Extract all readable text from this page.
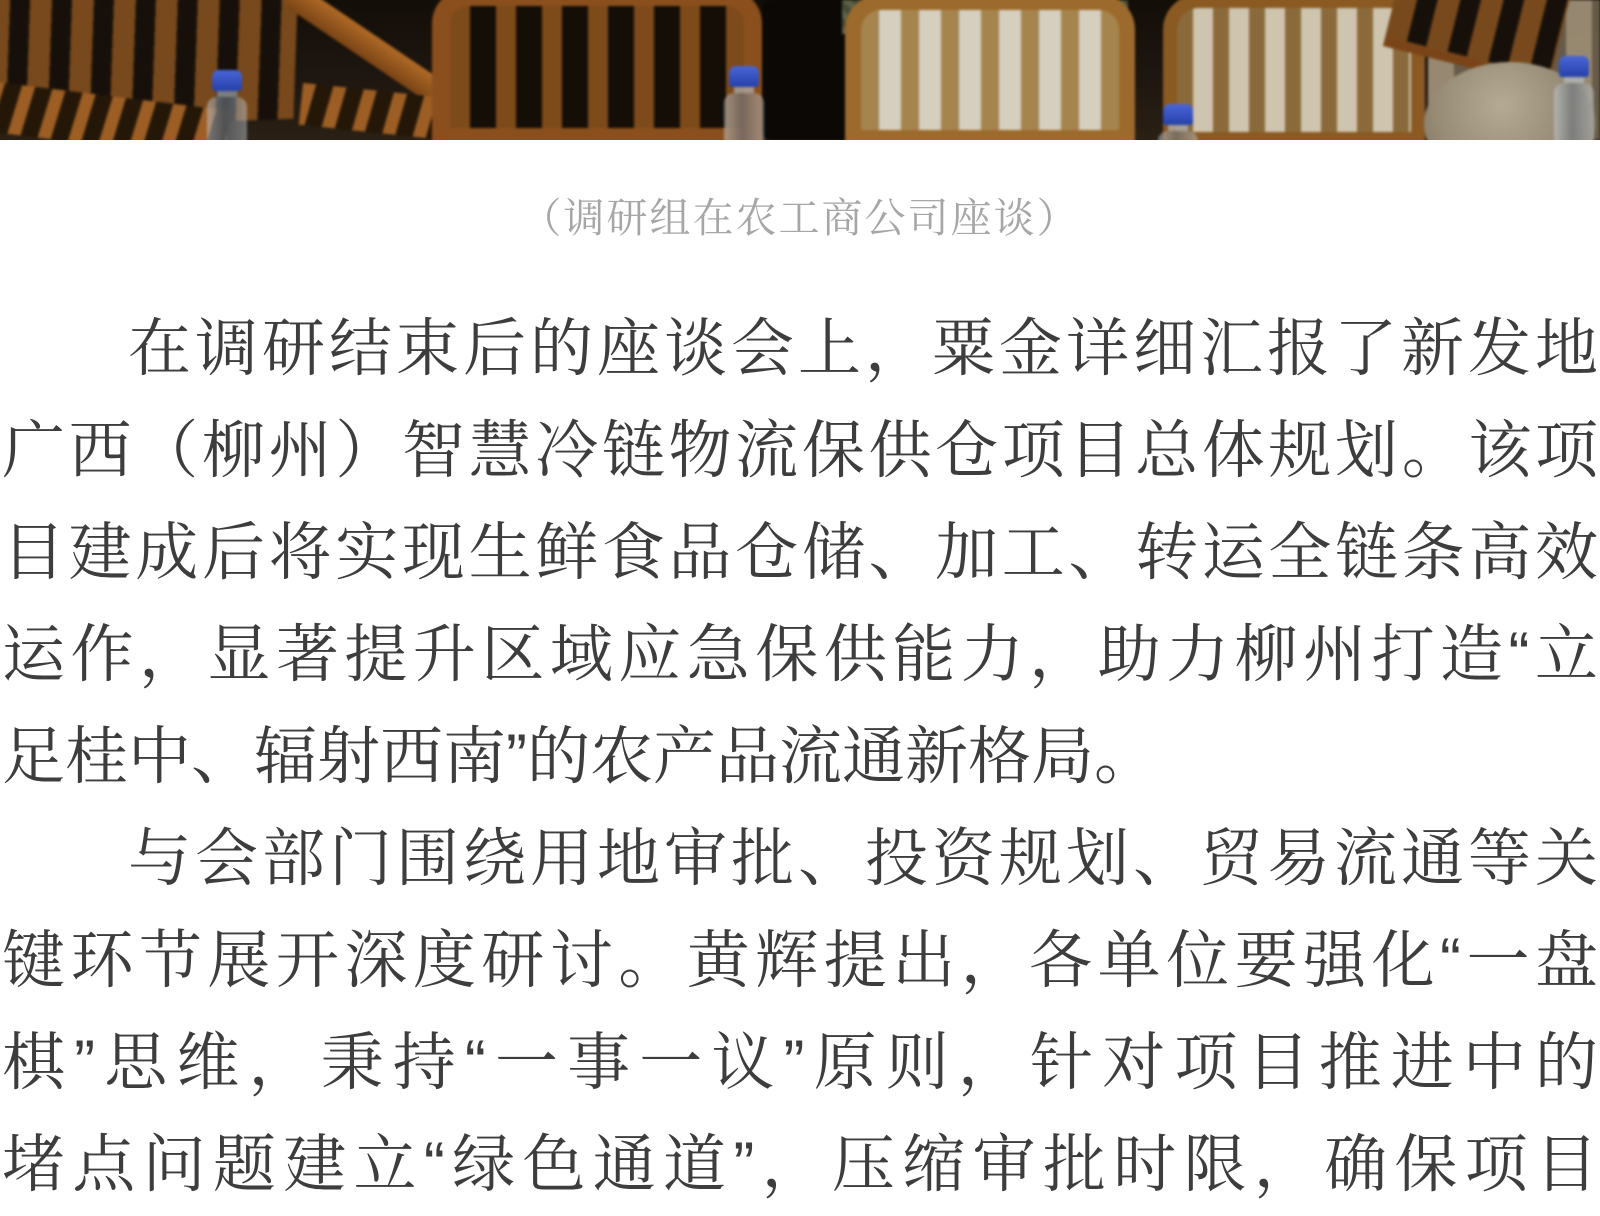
（调研组在农工商公司座谈）
在调研结束后的座谈会上，粟金详细汇报了新发地
广西（柳州）智慧冷链物流保供仓项目总体规划。该项
目建成后将实现生鲜食品仓储、加工、转运全链条高效
运作，显著提升区域应急保供能力，助力柳州打造“立
足桂中、辐射西南”的农产品流通新格局。
与会部门围绕用地审批、投资规划、贸易流通等关
键环节展开深度研讨。黄辉提出，各单位要强化“一盘
棋”思维，秉持“一事一议”原则，针对项目推进中的
堵点问题建立“绿色通道”，压缩审批时限，确保项目
